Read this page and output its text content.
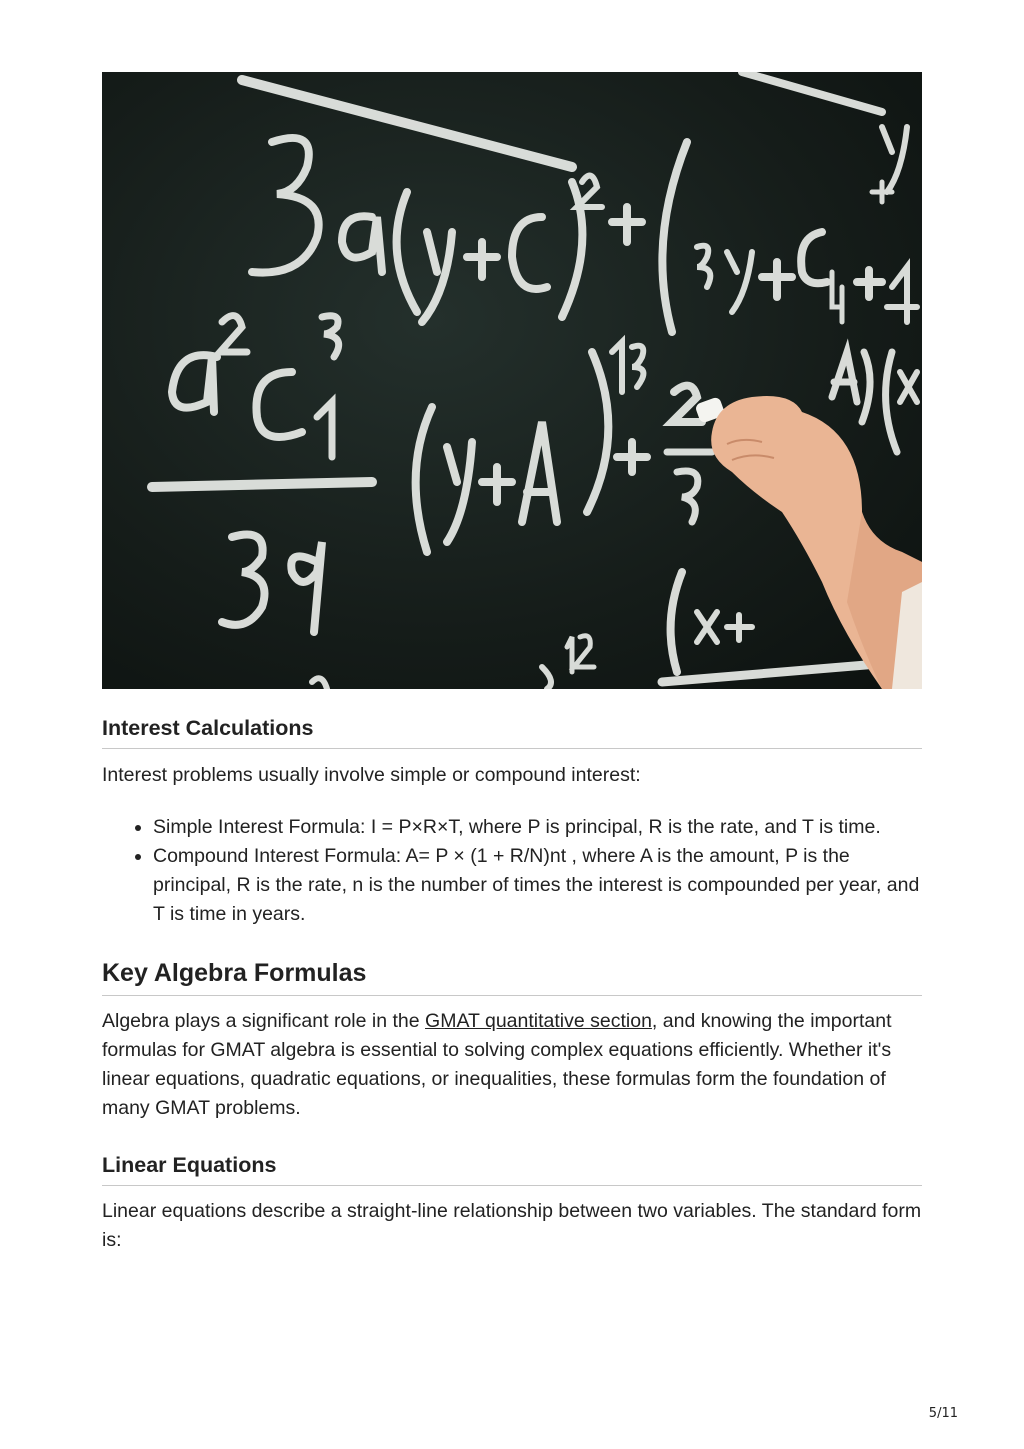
Interest Calculations

Interest problems usually involve simple or compound interest:

• Simple Interest Formula: I = P×R×T, where P is principal, R is the rate, and T is time.
• Compound Interest Formula: A= P × (1 + R/N)nt , where A is the amount, P is the principal, R is the rate, n is the number of times the interest is compounded per year, and T is time in years.
Key Algebra Formulas

Algebra plays a significant role in the GMAT quantitative section, and knowing the important formulas for GMAT algebra is essential to solving complex equations efficiently. Whether it's linear equations, quadratic equations, or inequalities, these formulas form the foundation of many GMAT problems.

Linear Equations

Linear equations describe a straight-line relationship between two variables. The standard form is:

5/11
